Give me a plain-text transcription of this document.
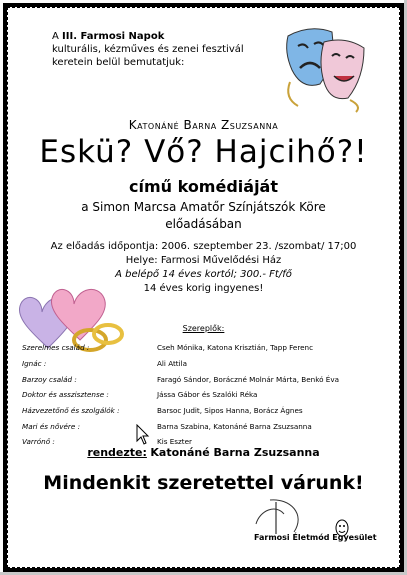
A III. Farmosi Napok
kulturális, kézműves és zenei fesztivál
keretein belül bemutatjuk:
Katonáné Barna Zsuzsanna
Eskü? Vő? Hajcihő?!
című komédiáját
a Simon Marcsa Amatőr Színjátszók Köre
előadásában
Az előadás időpontja: 2006. szeptember 23. /szombat/ 17;00
Helye: Farmosi Művelődési Ház
A belépő 14 éves kortól; 300.- Ft/fő
14 éves korig ingyenes!
Szereplők:
Szerelmes család :	Cseh Mónika, Katona Krisztián, Tapp Ferenc
Ignác :	Ali Attila
Barzoy család :	Faragó Sándor, Boráczné Molnár Márta, Benkó Éva
Doktor és asszisztense :	Jássa Gábor és Szalóki Réka
Házvezetőnő és szolgálók :	Barsoc Judit, Sipos Hanna, Borácz Ágnes
Mari és nővére :	Barna Szabina, Katonáné Barna Zsuzsanna
Varrónő :	Kis Eszter
rendezte: Katonáné Barna Zsuzsanna
Mindenkit szeretettel várunk!
Farmosi Életmód Egyesület
